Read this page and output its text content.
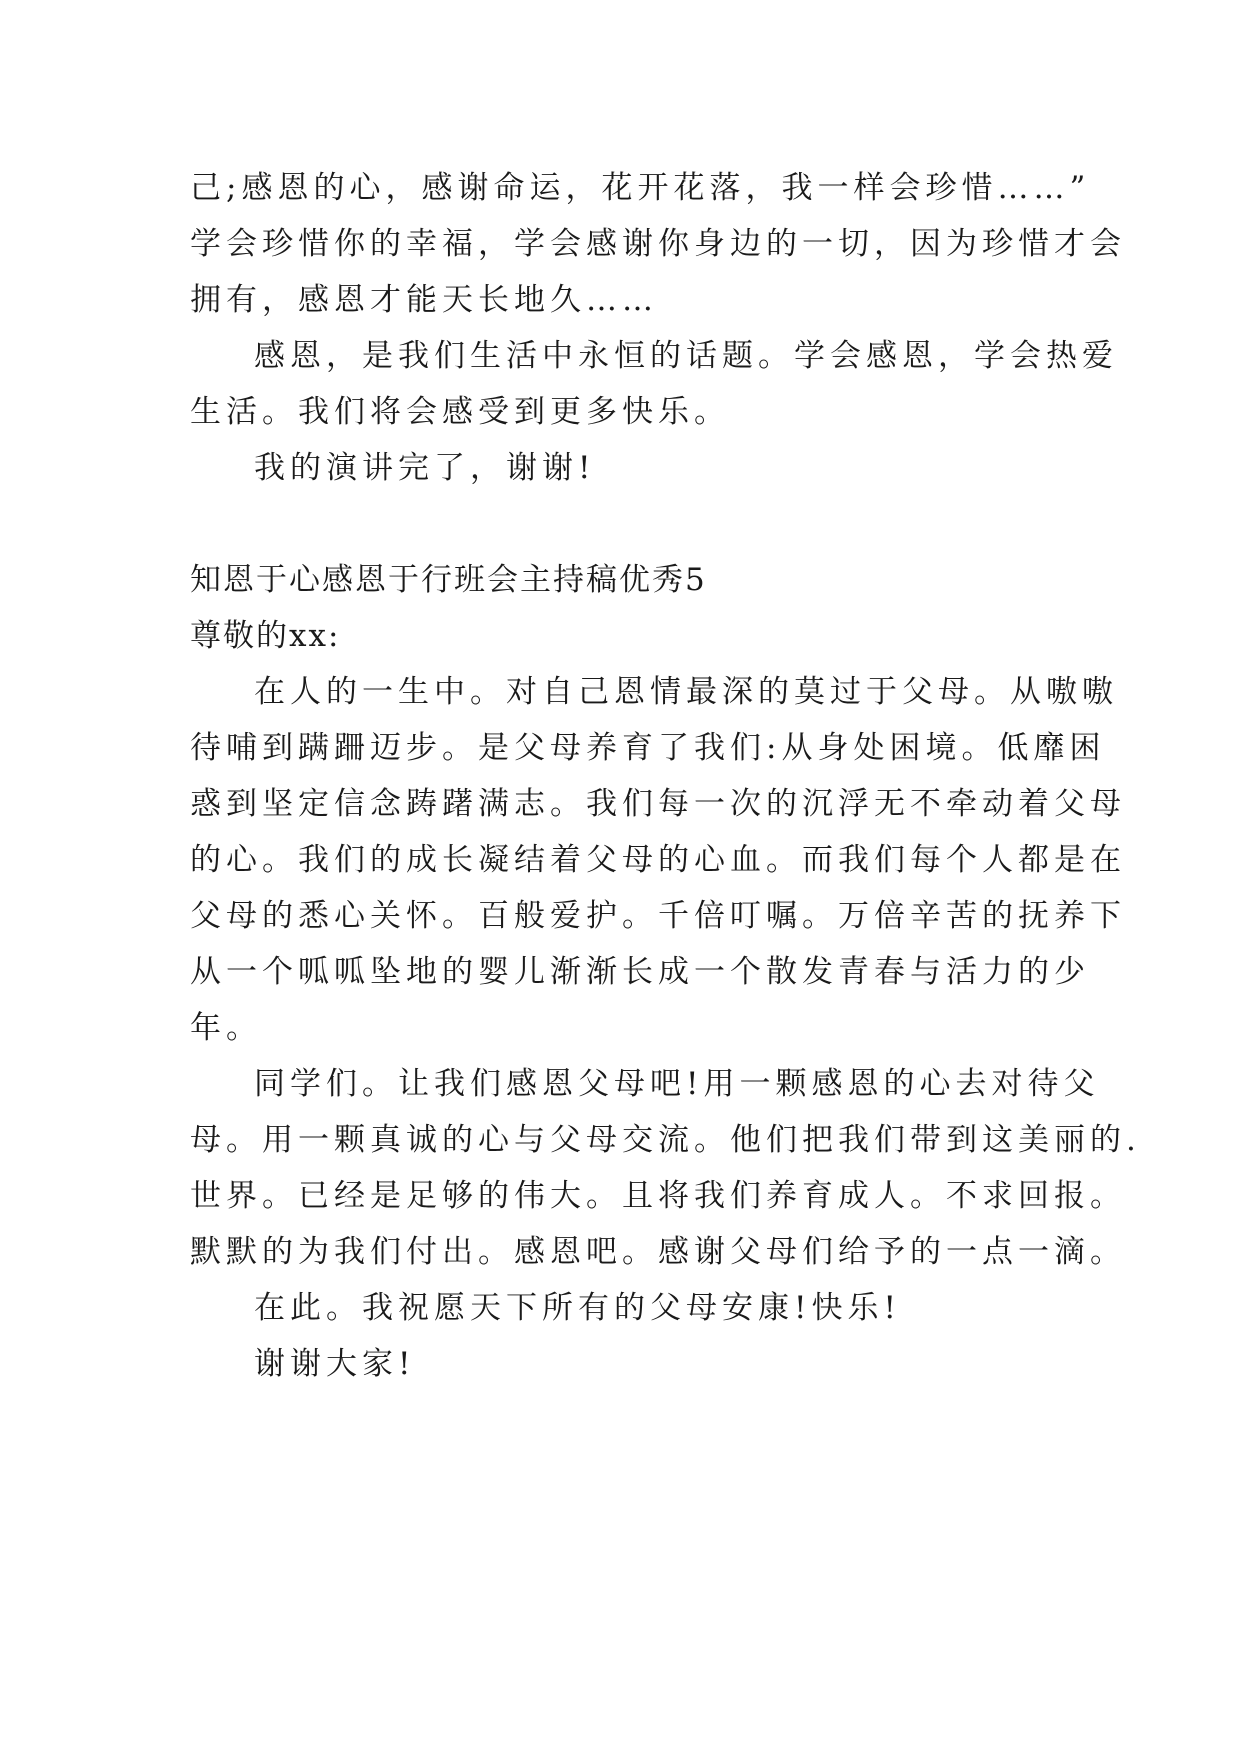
己;感恩的心，感谢命运，花开花落，我一样会珍惜……”
学会珍惜你的幸福，学会感谢你身边的一切，因为珍惜才会
拥有，感恩才能天长地久……
感恩，是我们生活中永恒的话题。学会感恩，学会热爱
生活。我们将会感受到更多快乐。
我的演讲完了，谢谢!
知恩于心感恩于行班会主持稿优秀5
尊敬的xx:
在人的一生中。对自己恩情最深的莫过于父母。从嗷嗷
待哺到蹒跚迈步。是父母养育了我们:从身处困境。低靡困
惑到坚定信念踌躇满志。我们每一次的沉浮无不牵动着父母
的心。我们的成长凝结着父母的心血。而我们每个人都是在
父母的悉心关怀。百般爱护。千倍叮嘱。万倍辛苦的抚养下
从一个呱呱坠地的婴儿渐渐长成一个散发青春与活力的少
年。
同学们。让我们感恩父母吧!用一颗感恩的心去对待父
母。用一颗真诚的心与父母交流。他们把我们带到这美丽的.
世界。已经是足够的伟大。且将我们养育成人。不求回报。
默默的为我们付出。感恩吧。感谢父母们给予的一点一滴。
在此。我祝愿天下所有的父母安康!快乐!
谢谢大家!
